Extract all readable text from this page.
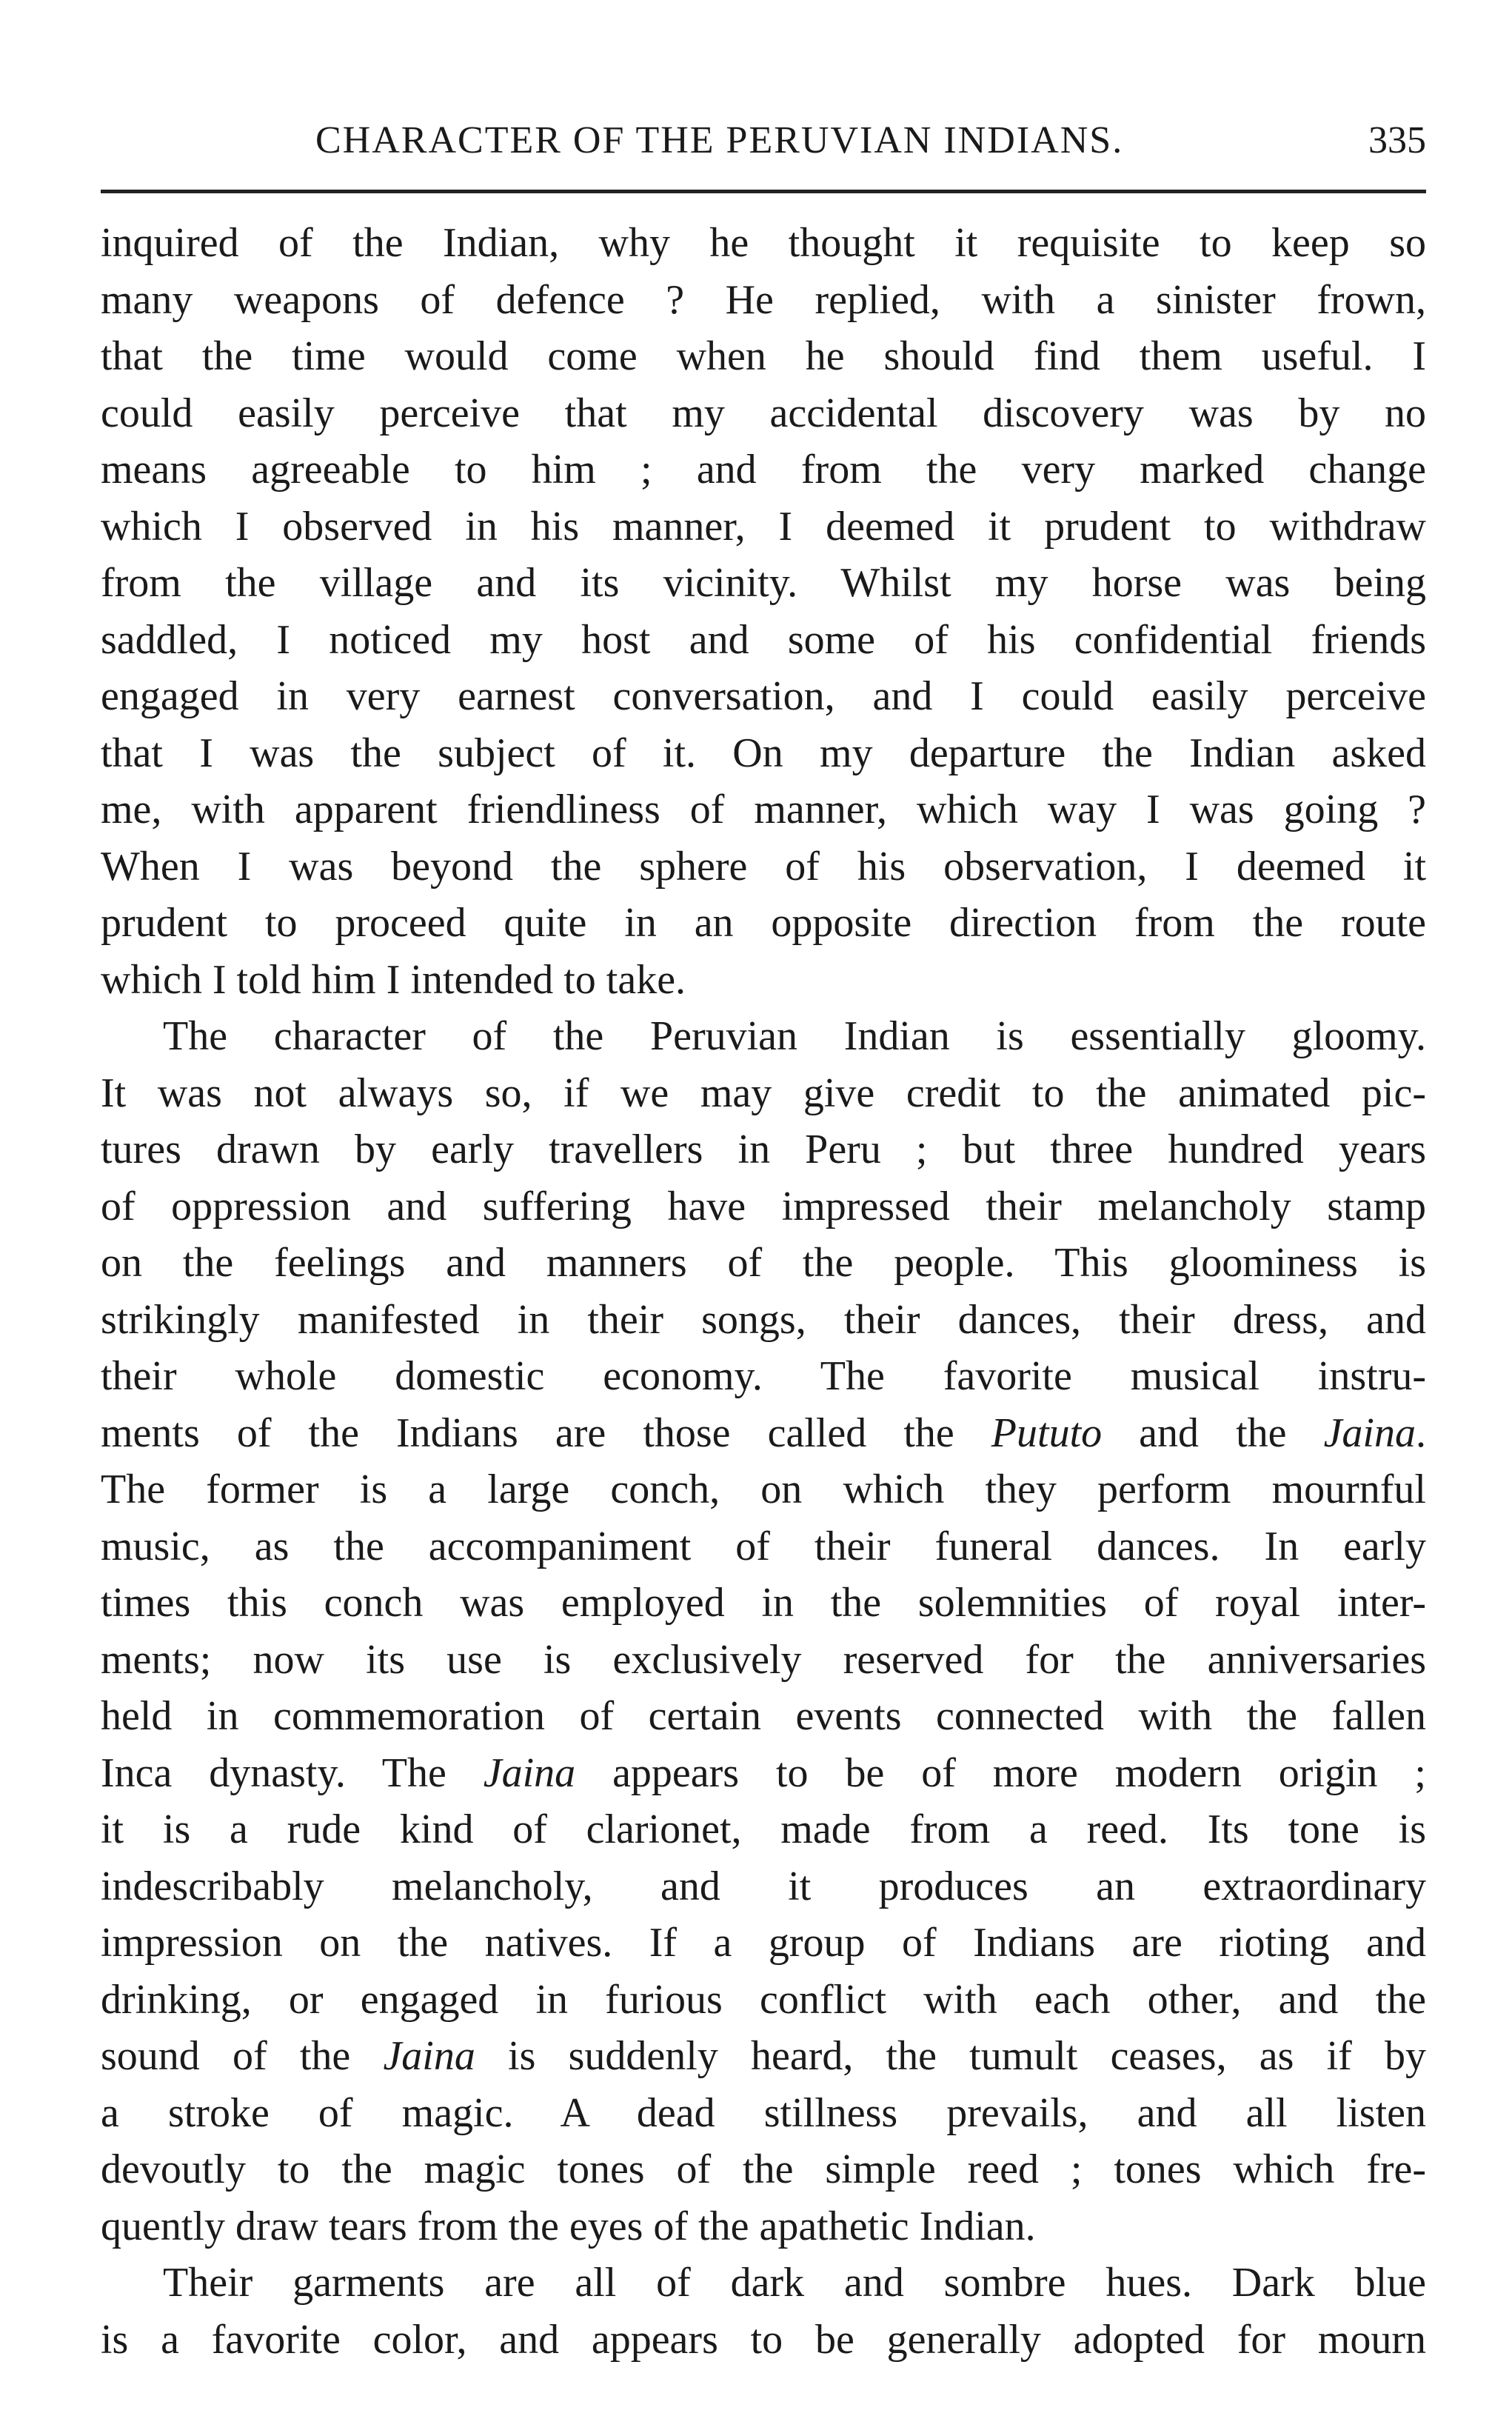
CHARACTER OF THE PERUVIAN INDIANS.	335
inquired of the Indian, why he thought it requisite to keep so
many weapons of defence ? He replied, with a sinister frown,
that the time would come when he should find them useful. I
could easily perceive that my accidental discovery was by no
means agreeable to him ; and from the very marked change
which I observed in his manner, I deemed it prudent to withdraw
from the village and its vicinity. Whilst my horse was being
saddled, I noticed my host and some of his confidential friends
engaged in very earnest conversation, and I could easily perceive
that I was the subject of it. On my departure the Indian asked
me, with apparent friendliness of manner, which way I was going ?
When I was beyond the sphere of his observation, I deemed it
prudent to proceed quite in an opposite direction from the route
which I told him I intended to take.
The character of the Peruvian Indian is essentially gloomy.
It was not always so, if we may give credit to the animated pic-
tures drawn by early travellers in Peru ; but three hundred years
of oppression and suffering have impressed their melancholy stamp
on the feelings and manners of the people. This gloominess is
strikingly manifested in their songs, their dances, their dress, and
their whole domestic economy. The favorite musical instru-
ments of the Indians are those called the Pututo and the Jaina.
The former is a large conch, on which they perform mournful
music, as the accompaniment of their funeral dances. In early
times this conch was employed in the solemnities of royal inter-
ments; now its use is exclusively reserved for the anniversaries
held in commemoration of certain events connected with the fallen
Inca dynasty. The Jaina appears to be of more modern origin ;
it is a rude kind of clarionet, made from a reed. Its tone is
indescribably melancholy, and it produces an extraordinary
impression on the natives. If a group of Indians are rioting and
drinking, or engaged in furious conflict with each other, and the
sound of the Jaina is suddenly heard, the tumult ceases, as if by
a stroke of magic. A dead stillness prevails, and all listen
devoutly to the magic tones of the simple reed ; tones which fre-
quently draw tears from the eyes of the apathetic Indian.
Their garments are all of dark and sombre hues. Dark blue
is a favorite color, and appears to be generally adopted for mourn
